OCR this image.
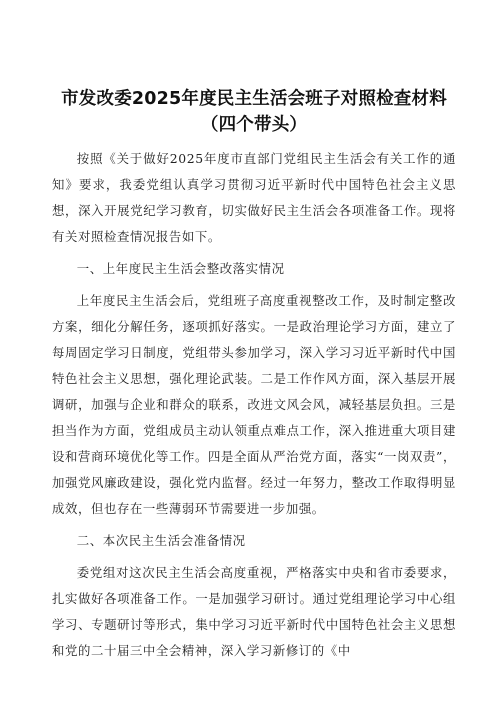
市发改委2025年度民主生活会班子对照检查材料（四个带头）

按照《关于做好2025年度市直部门党组民主生活会有关工作的通知》要求，我委党组认真学习贯彻习近平新时代中国特色社会主义思想，深入开展党纪学习教育，切实做好民主生活会各项准备工作。现将有关对照检查情况报告如下。

一、上年度民主生活会整改落实情况

上年度民主生活会后，党组班子高度重视整改工作，及时制定整改方案，细化分解任务，逐项抓好落实。一是政治理论学习方面，建立了每周固定学习日制度，党组带头参加学习，深入学习习近平新时代中国特色社会主义思想，强化理论武装。二是工作作风方面，深入基层开展调研，加强与企业和群众的联系，改进文风会风，减轻基层负担。三是担当作为方面，党组成员主动认领重点难点工作，深入推进重大项目建设和营商环境优化等工作。四是全面从严治党方面，落实“一岗双责”，加强党风廉政建设，强化党内监督。经过一年努力，整改工作取得明显成效，但也存在一些薄弱环节需要进一步加强。

二、本次民主生活会准备情况

委党组对这次民主生活会高度重视，严格落实中央和省市委要求，扎实做好各项准备工作。一是加强学习研讨。通过党组理论学习中心组学习、专题研讨等形式，集中学习习近平新时代中国特色社会主义思想和党的二十届三中全会精神，深入学习新修订的《中
